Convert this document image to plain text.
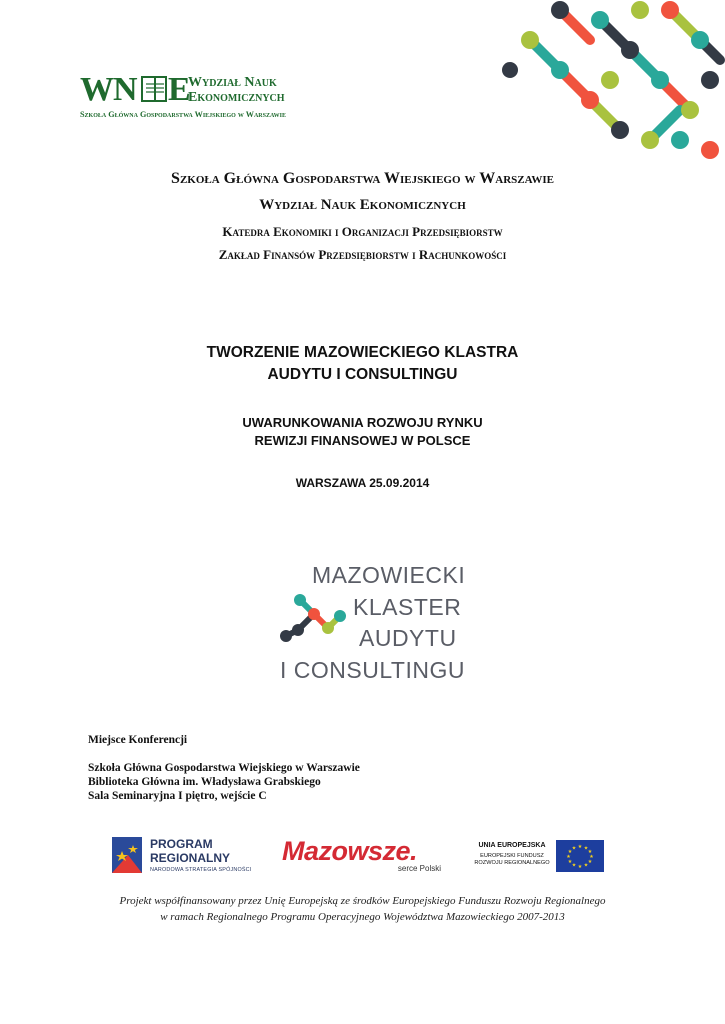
WN E
Wydział Nauk
Ekonomicznych
Szkoła Główna Gospodarstwa Wiejskiego w Warszawie
Szkoła Główna Gospodarstwa Wiejskiego w Warszawie
Wydział Nauk Ekonomicznych
Katedra Ekonomiki i Organizacji Przedsiębiorstw
Zakład Finansów Przedsiębiorstw i Rachunkowości
TWORZENIE MAZOWIECKIEGO KLASTRA
AUDYTU I CONSULTINGU
UWARUNKOWANIA ROZWOJU RYNKU
REWIZJI FINANSOWEJ W POLSCE
WARSZAWA 25.09.2014
MAZOWIECKI
KLASTER
AUDYTU
I CONSULTINGU
Miejsce Konferencji
Szkoła Główna Gospodarstwa Wiejskiego w Warszawie
Biblioteka Główna im. Władysława Grabskiego
Sala Seminaryjna I piętro, wejście C
PROGRAM
REGIONALNY
NARODOWA STRATEGIA SPÓJNOŚCI
Mazowsze.
serce Polski
UNIA EUROPEJSKA
EUROPEJSKI FUNDUSZ
ROZWOJU REGIONALNEGO
★ ★
★
★
★
★
★
★
★
★
★
★
Projekt współfinansowany przez Unię Europejską ze środków Europejskiego Funduszu Rozwoju Regionalnego
w ramach Regionalnego Programu Operacyjnego Województwa Mazowieckiego 2007-2013
